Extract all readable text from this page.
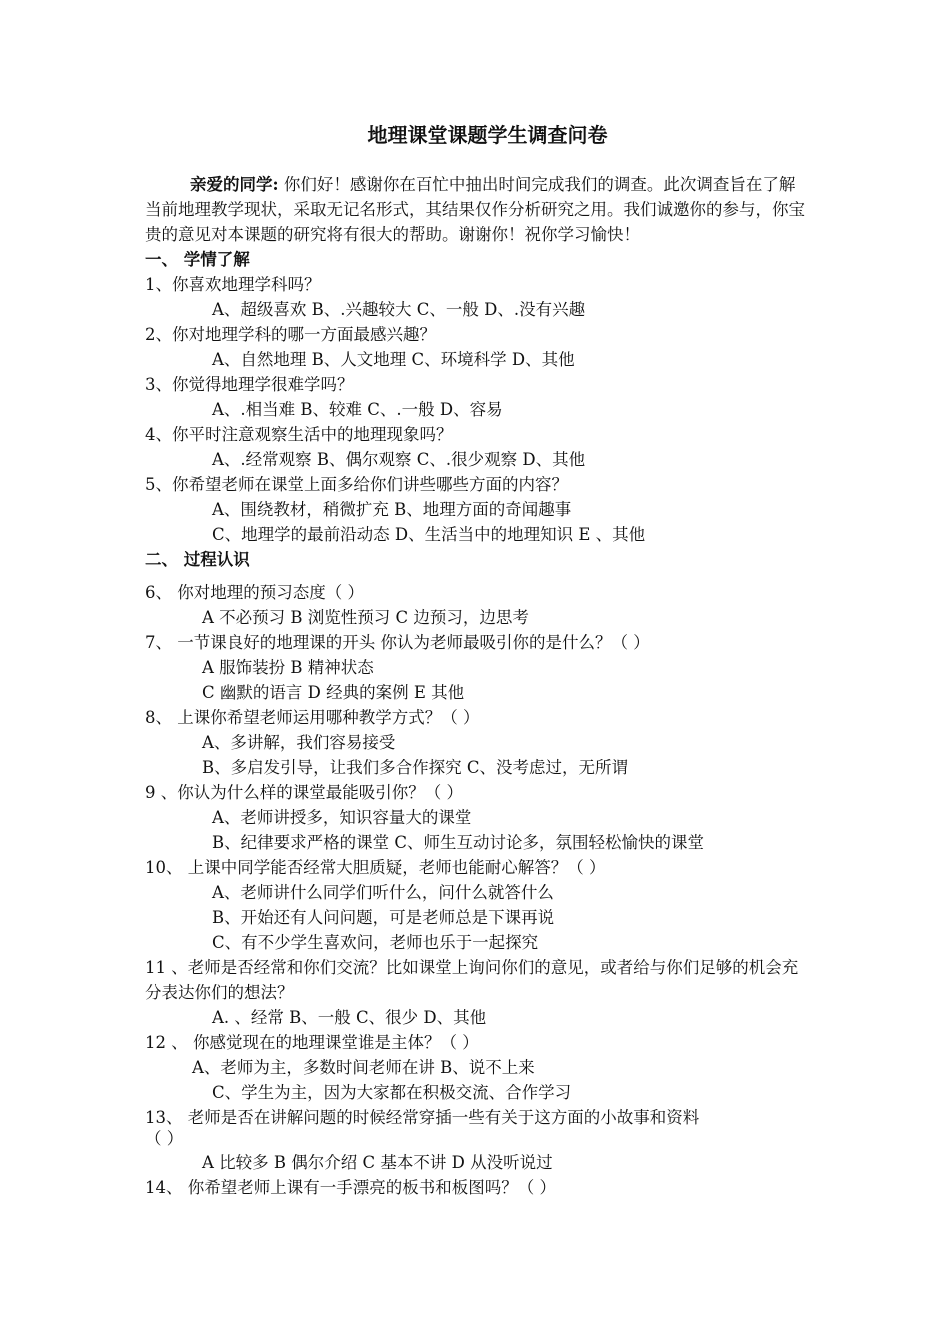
地理课堂课题学生调查问卷

亲爱的同学: 你们好！感谢你在百忙中抽出时间完成我们的调查。此次调查旨在了解当前地理教学现状，采取无记名形式，其结果仅作分析研究之用。我们诚邀你的参与，你宝贵的意见对本课题的研究将有很大的帮助。谢谢你！祝你学习愉快！

一、 学情了解
1、你喜欢地理学科吗？
A、超级喜欢 B、.兴趣较大 C、一般 D、.没有兴趣
2、你对地理学科的哪一方面最感兴趣？
A、自然地理 B、人文地理 C、环境科学 D、其他
3、你觉得地理学很难学吗？
A、.相当难 B、较难 C、.一般 D、容易
4、你平时注意观察生活中的地理现象吗？
A、.经常观察 B、偶尔观察 C、.很少观察 D、其他
5、你希望老师在课堂上面多给你们讲些哪些方面的内容？
A、围绕教材，稍微扩充 B、地理方面的奇闻趣事
C、地理学的最前沿动态 D、生活当中的地理知识 E 、其他
二、 过程认识
6、 你对地理的预习态度（ ）
A 不必预习 B 浏览性预习 C 边预习，边思考
7、 一节课良好的地理课的开头 你认为老师最吸引你的是什么？（ ）
A 服饰装扮 B 精神状态
C 幽默的语言 D 经典的案例 E 其他
8、 上课你希望老师运用哪种教学方式？（ ）
A、多讲解，我们容易接受
B、多启发引导，让我们多合作探究 C、没考虑过，无所谓
9 、你认为什么样的课堂最能吸引你？（ ）
A、老师讲授多，知识容量大的课堂
B、纪律要求严格的课堂 C、师生互动讨论多，氛围轻松愉快的课堂
10、 上课中同学能否经常大胆质疑，老师也能耐心解答？（ ）
A、老师讲什么同学们听什么，问什么就答什么
B、开始还有人问问题，可是老师总是下课再说
C、有不少学生喜欢问，老师也乐于一起探究
11 、老师是否经常和你们交流？比如课堂上询问你们的意见，或者给与你们足够的机会充分表达你们的想法？
A. 、经常 B、一般 C、很少 D、其他
12 、 你感觉现在的地理课堂谁是主体？（ ）
A、老师为主，多数时间老师在讲 B、说不上来
C、学生为主，因为大家都在积极交流、合作学习
13、 老师是否在讲解问题的时候经常穿插一些有关于这方面的小故事和资料
（ ）
A 比较多 B 偶尔介绍 C 基本不讲 D 从没听说过
14、 你希望老师上课有一手漂亮的板书和板图吗？（ ）
